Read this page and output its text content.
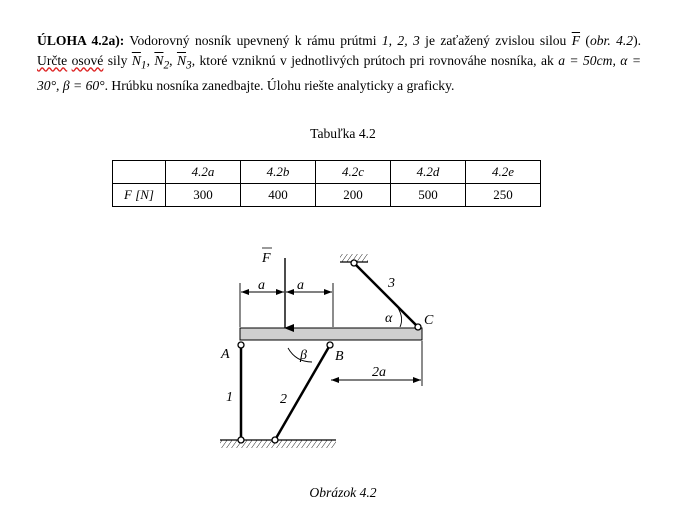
ÚLOHA 4.2a): Vodorovný nosník upevnený k rámu prútmi 1, 2, 3 je zaťažený zvislou silou $\overline{F}$ (obr. 4.2). Určte osové sily $\overline{N}_1$, $\overline{N}_2$, $\overline{N}_3$, ktoré vzniknú v jednotlivých prútoch pri rovnováhe nosníka, ak a = 50cm, α = 30°, β = 60°. Hrúbku nosníka zanedbajte. Úlohu riešte analyticky a graficky.
Tabuľka 4.2
	4.2a	4.2b	4.2c	4.2d	4.2e
F [N]	300	400	200	500	250
F
a a
2a
A	B
C
α
β
1	2
3
Obrázok 4.2
